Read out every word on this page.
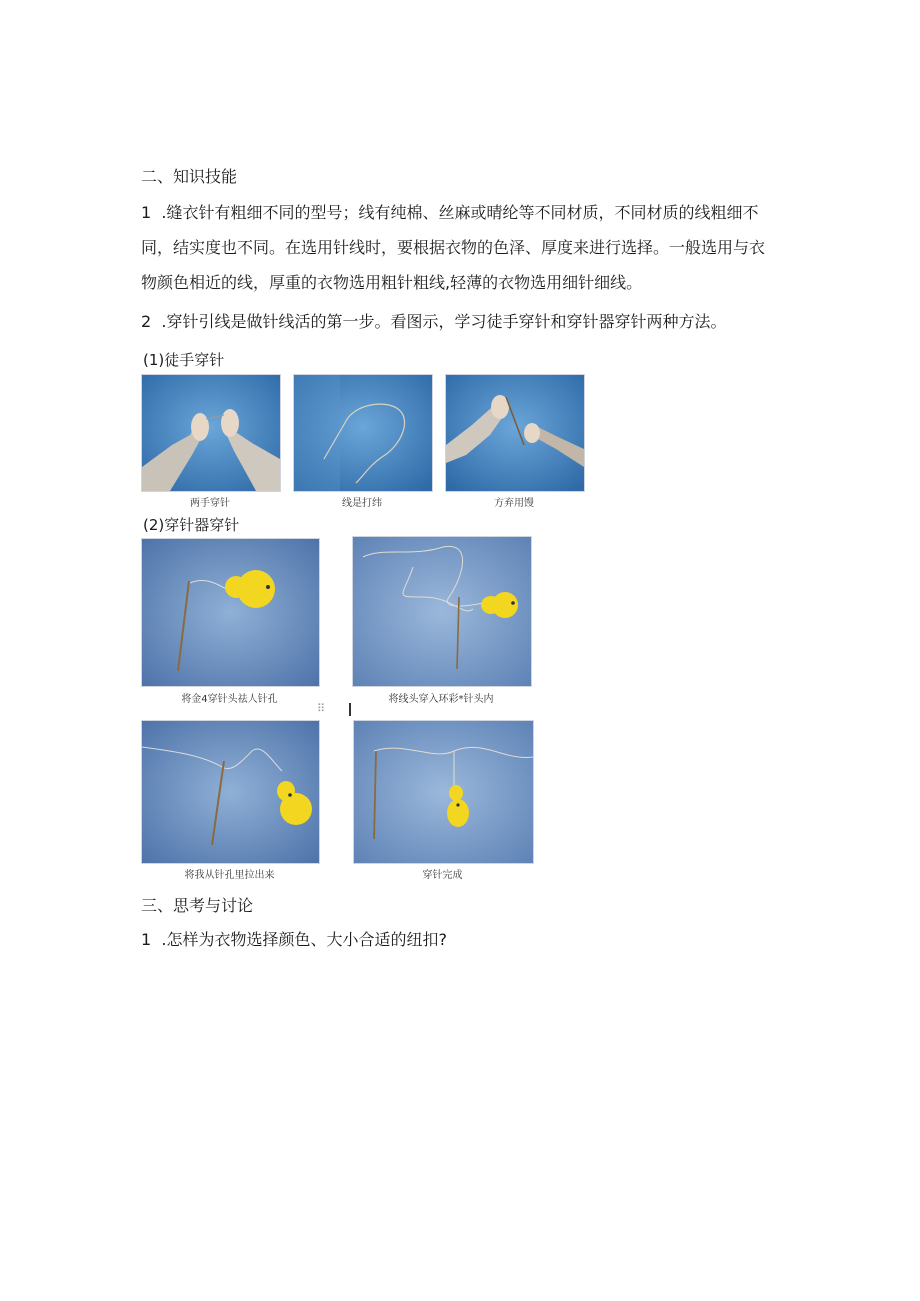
二、知识技能
1 .缝衣针有粗细不同的型号；线有纯棉、丝麻或晴纶等不同材质，不同材质的线粗细不
同，结实度也不同。在选用针线时，要根据衣物的色泽、厚度来进行选择。一般选用与衣
物颜色相近的线，厚重的衣物选用粗针粗线,轻薄的衣物选用细针细线。
2 .穿针引线是做针线活的第一步。看图示，学习徒手穿针和穿针器穿针两种方法。
(1)徒手穿针
两手穿针	线是打纬	方弃用馒
(2)穿针器穿针
将金4穿针头祛人针孔	将线头穿入环彩*针头内
⠿
将我从针孔里拉出来	穿针完成
三、思考与讨论
1 .怎样为衣物选择颜色、大小合适的纽扣?
